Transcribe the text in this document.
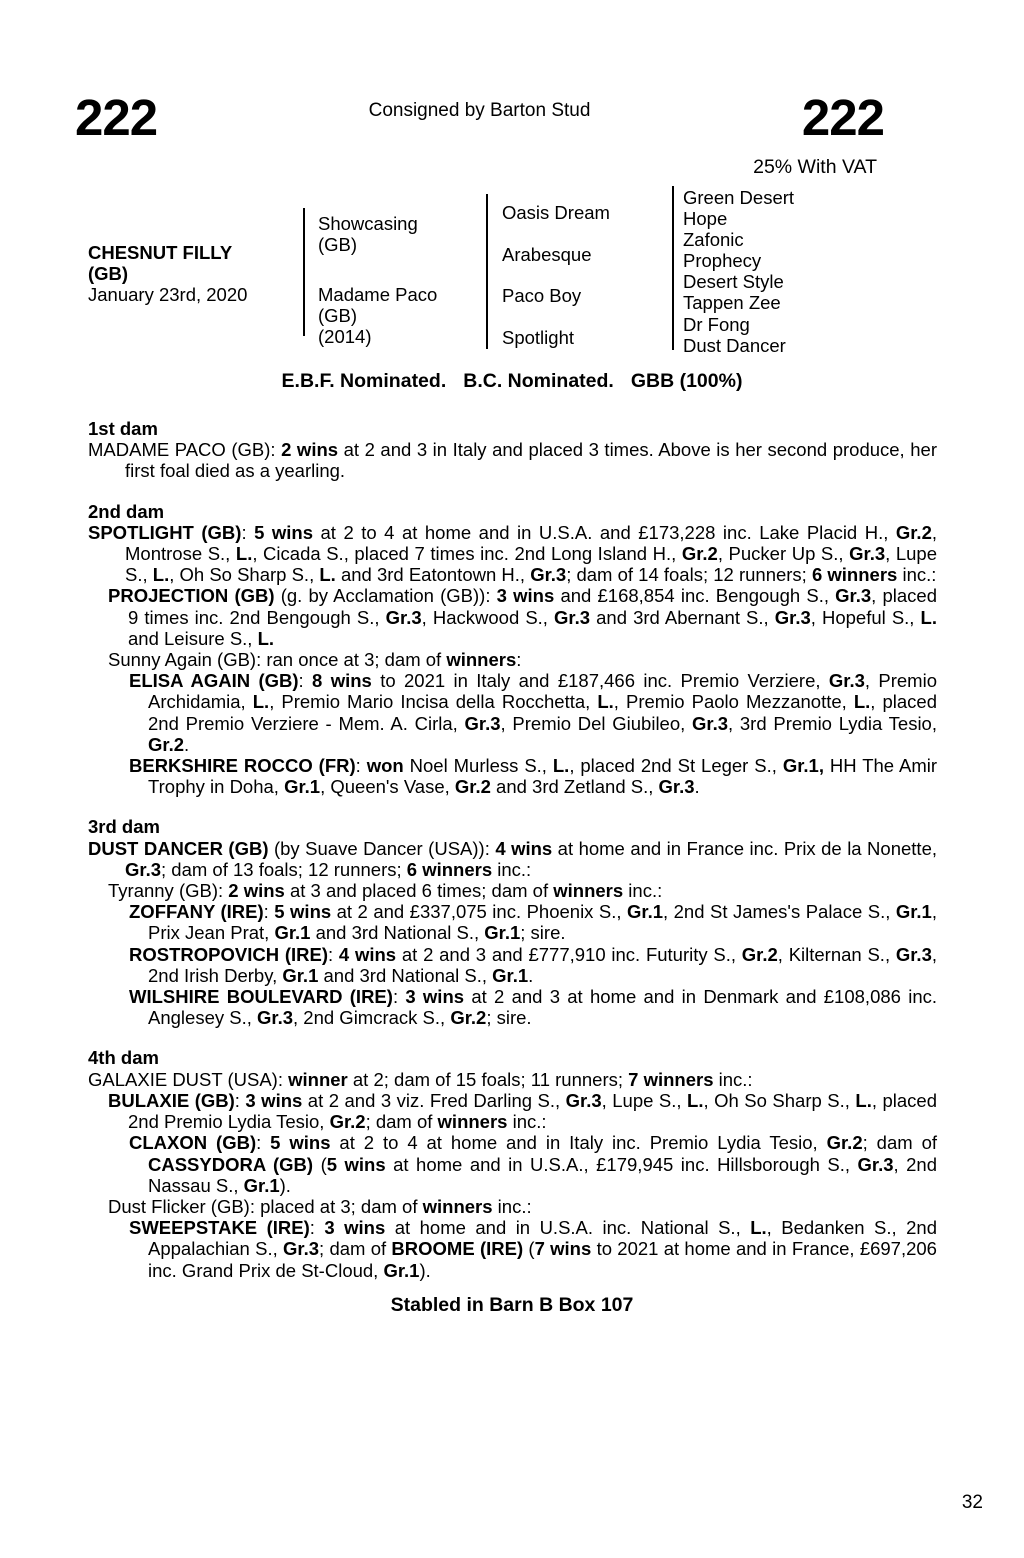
222	Consigned by Barton Stud	222
25% With VAT
CHESNUT FILLY
(GB)
January 23rd, 2020
Showcasing
(GB)
Madame Paco
(GB)
(2014)
Oasis Dream
Arabesque
Paco Boy
Spotlight
Green Desert
Hope
Zafonic
Prophecy
Desert Style
Tappen Zee
Dr Fong
Dust Dancer
E.B.F. Nominated. B.C. Nominated. GBB (100%)
1st dam

MADAME PACO (GB): 2 wins at 2 and 3 in Italy and placed 3 times. Above is her second produce, her first foal died as a yearling.

2nd dam

SPOTLIGHT (GB): 5 wins at 2 to 4 at home and in U.S.A. and £173,228 inc. Lake Placid H., Gr.2, Montrose S., L., Cicada S., placed 7 times inc. 2nd Long Island H., Gr.2, Pucker Up S., Gr.3, Lupe S., L., Oh So Sharp S., L. and 3rd Eatontown H., Gr.3; dam of 14 foals; 12 runners; 6 winners inc.:

PROJECTION (GB) (g. by Acclamation (GB)): 3 wins and £168,854 inc. Bengough S., Gr.3, placed 9 times inc. 2nd Bengough S., Gr.3, Hackwood S., Gr.3 and 3rd Abernant S., Gr.3, Hopeful S., L. and Leisure S., L.

Sunny Again (GB): ran once at 3; dam of winners:

ELISA AGAIN (GB): 8 wins to 2021 in Italy and £187,466 inc. Premio Verziere, Gr.3, Premio Archidamia, L., Premio Mario Incisa della Rocchetta, L., Premio Paolo Mezzanotte, L., placed 2nd Premio Verziere - Mem. A. Cirla, Gr.3, Premio Del Giubileo, Gr.3, 3rd Premio Lydia Tesio, Gr.2.

BERKSHIRE ROCCO (FR): won Noel Murless S., L., placed 2nd St Leger S., Gr.1, HH The Amir Trophy in Doha, Gr.1, Queen's Vase, Gr.2 and 3rd Zetland S., Gr.3.

3rd dam

DUST DANCER (GB) (by Suave Dancer (USA)): 4 wins at home and in France inc. Prix de la Nonette, Gr.3; dam of 13 foals; 12 runners; 6 winners inc.:

Tyranny (GB): 2 wins at 3 and placed 6 times; dam of winners inc.:

ZOFFANY (IRE): 5 wins at 2 and £337,075 inc. Phoenix S., Gr.1, 2nd St James's Palace S., Gr.1, Prix Jean Prat, Gr.1 and 3rd National S., Gr.1; sire.

ROSTROPOVICH (IRE): 4 wins at 2 and 3 and £777,910 inc. Futurity S., Gr.2, Kilternan S., Gr.3, 2nd Irish Derby, Gr.1 and 3rd National S., Gr.1.

WILSHIRE BOULEVARD (IRE): 3 wins at 2 and 3 at home and in Denmark and £108,086 inc. Anglesey S., Gr.3, 2nd Gimcrack S., Gr.2; sire.

4th dam

GALAXIE DUST (USA): winner at 2; dam of 15 foals; 11 runners; 7 winners inc.:

BULAXIE (GB): 3 wins at 2 and 3 viz. Fred Darling S., Gr.3, Lupe S., L., Oh So Sharp S., L., placed 2nd Premio Lydia Tesio, Gr.2; dam of winners inc.:

CLAXON (GB): 5 wins at 2 to 4 at home and in Italy inc. Premio Lydia Tesio, Gr.2; dam of CASSYDORA (GB) (5 wins at home and in U.S.A., £179,945 inc. Hillsborough S., Gr.3, 2nd Nassau S., Gr.1).

Dust Flicker (GB): placed at 3; dam of winners inc.:

SWEEPSTAKE (IRE): 3 wins at home and in U.S.A. inc. National S., L., Bedanken S., 2nd Appalachian S., Gr.3; dam of BROOME (IRE) (7 wins to 2021 at home and in France, £697,206 inc. Grand Prix de St-Cloud, Gr.1).

Stabled in Barn B Box 107
32
